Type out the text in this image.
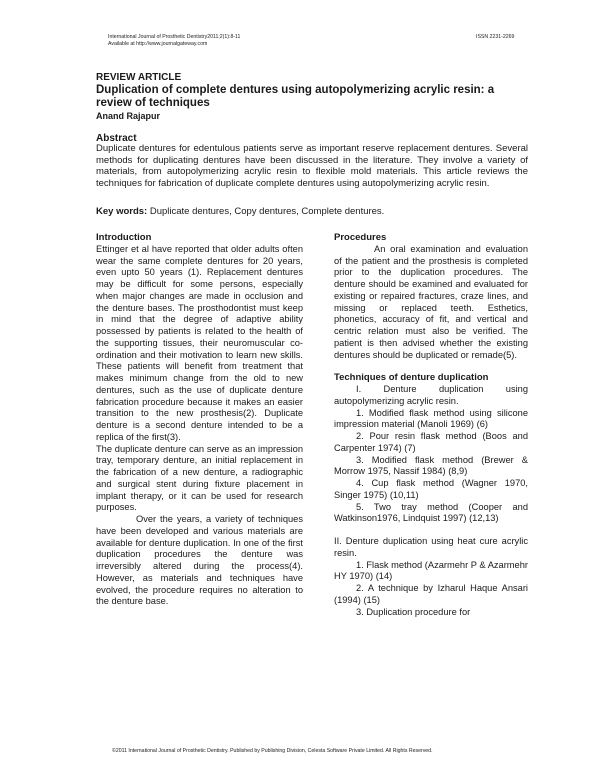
International Journal of Prosthetic Dentistry2011;2(1):8-11
Available at http://www.journalgateway.com
ISSN 2231-2269
REVIEW ARTICLE
Duplication of complete dentures using autopolymerizing acrylic resin: a review of techniques
Anand Rajapur
Abstract
Duplicate dentures for edentulous patients serve as important reserve replacement dentures. Several methods for duplicating dentures have been discussed in the literature. They involve a variety of materials, from autopolymerizing acrylic resin to flexible mold materials. This article reviews the techniques for fabrication of duplicate complete dentures using autopolymerizing acrylic resin.
Key words: Duplicate dentures, Copy dentures, Complete dentures.
Introduction

Ettinger et al have reported that older adults often wear the same complete dentures for 20 years, even upto 50 years (1). Replacement dentures may be difficult for some persons, especially when major changes are made in occlusion and the denture bases. The prosthodontist must keep in mind that the degree of adaptive ability possessed by patients is related to the health of the supporting tissues, their neuromuscular co-ordination and their motivation to learn new skills. These patients will benefit from treatment that makes minimum change from the old to new dentures, such as the use of duplicate denture fabrication procedure because it makes an easier transition to the new prosthesis(2). Duplicate denture is a second denture intended to be a replica of the first(3).

The duplicate denture can serve as an impression tray, temporary denture, an initial replacement in the fabrication of a new denture, a radiographic and surgical stent during fixture placement in implant therapy, or it can be used for research purposes.

Over the years, a variety of techniques have been developed and various materials are available for denture duplication. In one of the first duplication procedures the denture was irreversibly altered during the process(4). However, as materials and techniques have evolved, the procedure requires no alteration to the denture base.

Procedures

An oral examination and evaluation of the patient and the prosthesis is completed prior to the duplication procedures. The denture should be examined and evaluated for existing or repaired fractures, craze lines, and missing or replaced teeth. Esthetics, phonetics, accuracy of fit, and vertical and centric relation must also be verified. The patient is then advised whether the existing dentures should be duplicated or remade(5).

Techniques of denture duplication

I. Denture duplication using autopolymerizing acrylic resin.

1. Modified flask method using silicone impression material (Manoli 1969) (6)

2. Pour resin flask method (Boos and Carpenter 1974) (7)

3. Modified flask method (Brewer & Morrow 1975, Nassif 1984) (8,9)

4. Cup flask method (Wagner 1970, Singer 1975) (10,11)

5. Two tray method (Cooper and Watkinson1976, Lindquist 1997) (12,13)

II. Denture duplication using heat cure acrylic resin.

1. Flask method (Azarmehr P & Azarmehr HY 1970) (14)

2. A technique by Izharul Haque Ansari (1994) (15)

3. Duplication procedure for

©2011 International Journal of Prosthetic Dentistry. Published by Publishing Division, Celesta Software Private Limited. All Rights Reserved.
